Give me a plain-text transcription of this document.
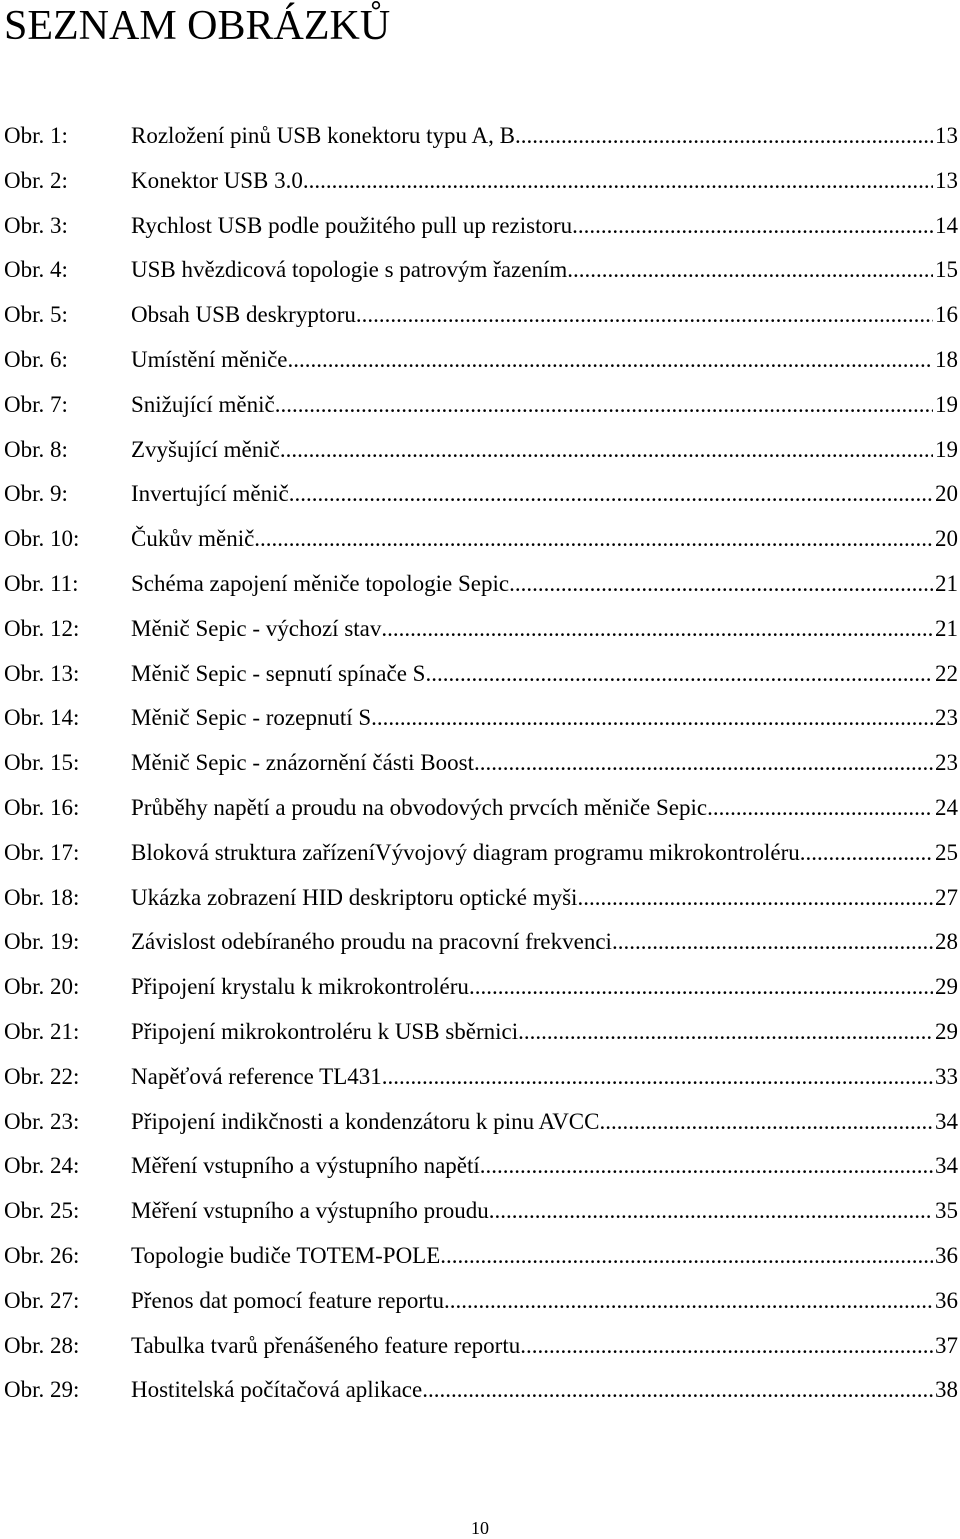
SEZNAM OBRÁZKŮ
Obr. 1:	Rozložení pinů USB konektoru typu A, B .....	13
Obr. 2:	Konektor USB 3.0. .....	13
Obr. 3:	Rychlost USB podle použitého pull up rezistoru .....	14
Obr. 4:	USB hvězdicová topologie s patrovým řazením .....	15
Obr. 5:	Obsah USB deskryptoru .....	16
Obr. 6:	Umístění měniče .....	18
Obr. 7:	Snižující měnič .....	19
Obr. 8:	Zvyšující měnič .....	19
Obr. 9:	Invertující měnič .....	20
Obr. 10: Čukův měnič .....	20
Obr. 11: Schéma zapojení měniče topologie Sepic .....	21
Obr. 12: Měnič Sepic - výchozí stav .....	21
Obr. 13: Měnič Sepic - sepnutí spínače S .....	22
Obr. 14: Měnič Sepic - rozepnutí S .....	23
Obr. 15: Měnič Sepic - znázornění části Boost .....	23
Obr. 16: Průběhy napětí a proudu na obvodových prvcích měniče Sepic .....	24
Obr. 17: Bloková struktura zařízeníVývojový diagram programu mikrokontroléru .....	25
Obr. 18: Ukázka zobrazení HID deskriptoru optické myši .....	27
Obr. 19: Závislost odebíraného proudu na pracovní frekvenci .....	28
Obr. 20: Připojení krystalu k mikrokontroléru .....	29
Obr. 21: Připojení mikrokontroléru k USB sběrnici .....	29
Obr. 22: Napěťová reference TL431 .....	33
Obr. 23: Připojení indikčnosti a kondenzátoru k pinu AVCC .....	34
Obr. 24: Měření vstupního a výstupního napětí .....	34
Obr. 25: Měření vstupního a výstupního proudu .....	35
Obr. 26: Topologie budiče TOTEM-POLE .....	36
Obr. 27: Přenos dat pomocí feature reportu .....	36
Obr. 28: Tabulka tvarů přenášeného feature reportu .....	37
Obr. 29: Hostitelská počítačová aplikace .....	38

10
